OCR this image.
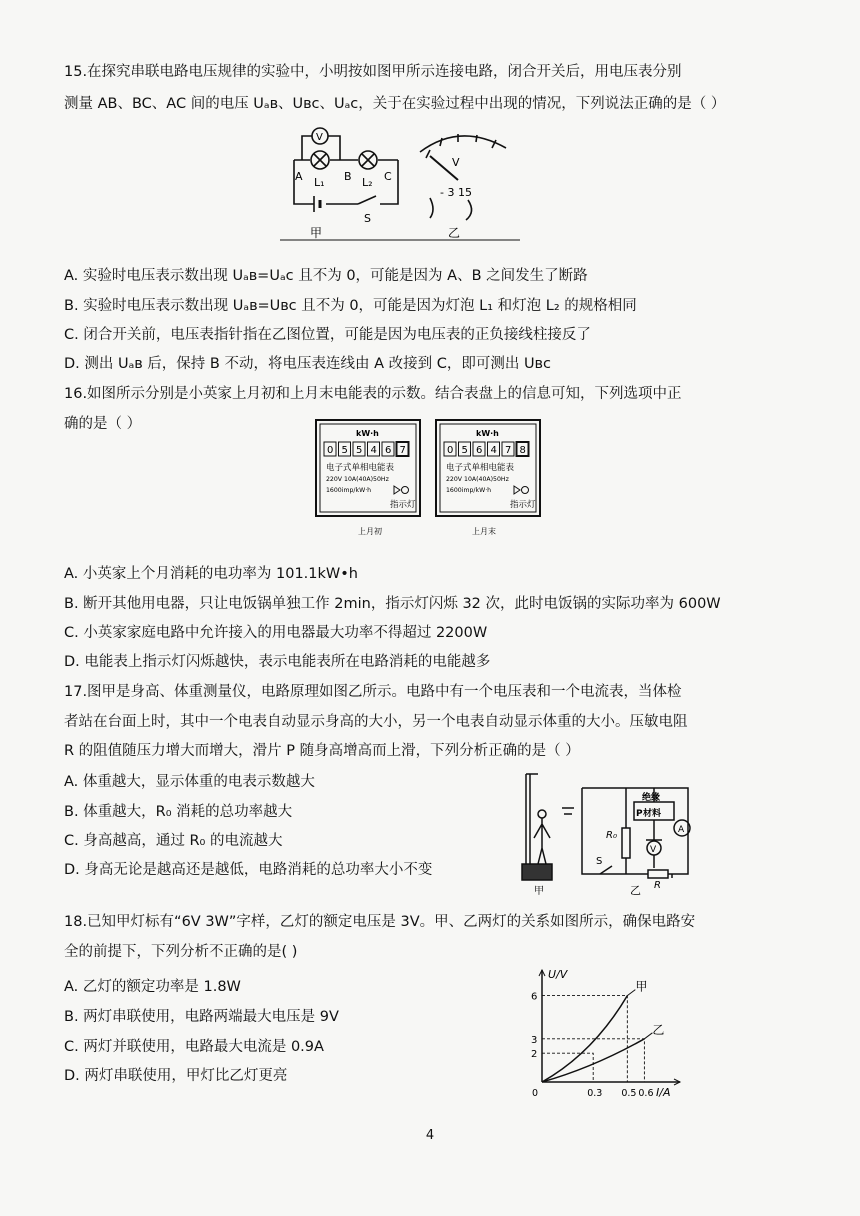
15.在探究串联电路电压规律的实验中，小明按如图甲所示连接电路，闭合开关后，用电压表分别
测量 AB、BC、AC 间的电压 Uₐʙ、Uʙᴄ、Uₐᴄ，关于在实验过程中出现的情况，下列说法正确的是（ ）
A	B	C
L₁	L₂
S
V
V
- 3 15
甲	乙
A. 实验时电压表示数出现 Uₐʙ=Uₐᴄ 且不为 0，可能是因为 A、B 之间发生了断路
B. 实验时电压表示数出现 Uₐʙ=Uʙᴄ 且不为 0，可能是因为灯泡 L₁ 和灯泡 L₂ 的规格相同
C. 闭合开关前，电压表指针指在乙图位置，可能是因为电压表的正负接线柱接反了
D. 测出 Uₐʙ 后，保持 B 不动，将电压表连线由 A 改接到 C，即可测出 Uʙᴄ
16.如图所示分别是小英家上月初和上月末电能表的示数。结合表盘上的信息可知，下列选项中正
确的是（ ）
0 5 5 4 6 7	0 5 6 4 7 8
kW·h	kW·h
电子式单相电能表	电子式单相电能表
220V 10A(40A)50Hz	220V 10A(40A)50Hz
1600imp/kW·h	1600imp/kW·h
指示灯	指示灯
上月初	上月末
A. 小英家上个月消耗的电功率为 101.1kW•h
B. 断开其他用电器，只让电饭锅单独工作 2min，指示灯闪烁 32 次，此时电饭锅的实际功率为 600W
C. 小英家家庭电路中允许接入的用电器最大功率不得超过 2200W
D. 电能表上指示灯闪烁越快，表示电能表所在电路消耗的电能越多
17.图甲是身高、体重测量仪，电路原理如图乙所示。电路中有一个电压表和一个电流表，当体检
者站在台面上时，其中一个电表自动显示身高的大小，另一个电表自动显示体重的大小。压敏电阻
R 的阻值随压力增大而增大，滑片 P 随身高增高而上滑，下列分析正确的是（ ）
A. 体重越大，显示体重的电表示数越大
B. 体重越大，R₀ 消耗的总功率越大
C. 身高越高，通过 R₀ 的电流越大
D. 身高无论是越高还是越低，电路消耗的总功率大小不变
绝缘
材料
P
R₀	A
V
S
R
甲	乙
18.已知甲灯标有“6V 3W”字样，乙灯的额定电压是 3V。甲、乙两灯的关系如图所示，确保电路安
全的前提下，下列分析不正确的是( )
A. 乙灯的额定功率是 1.8W
B. 两灯串联使用，电路两端最大电压是 9V
C. 两灯并联使用，电路最大电流是 0.9A
D. 两灯串联使用，甲灯比乙灯更亮
U/V
I/A
6
3
2
0	0.3 0.5 0.6
甲
乙
4
